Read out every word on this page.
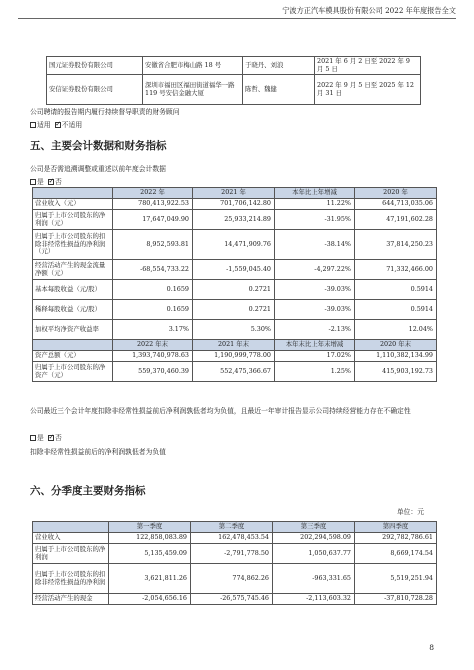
宁波方正汽车模具股份有限公司 2022 年年度报告全文
国元证券股份有限公司	安徽省合肥市梅山路 18 号	于晓丹、刘浪	2021 年 6 月 2 日至 2022 年 9 月 5 日
安信证券股份有限公司	深圳市福田区福田街道福华一路 119 号安信金融大厦	陈哲、魏健	2022 年 9 月 5 日至 2025 年 12 月 31 日
公司聘请的报告期内履行持续督导职责的财务顾问
适用 ✓ 不适用
五、主要会计数据和财务指标
公司是否需追溯调整或重述以前年度会计数据
是 ✓ 否
	2022 年	2021 年	本年比上年增减	2020 年
营业收入（元）	780,413,922.53	701,706,142.80	11.22%	644,713,035.06
归属于上市公司股东的净利润（元）	17,647,049.90	25,933,214.89	-31.95%	47,191,602.28
归属于上市公司股东的扣除非经常性损益的净利润（元）	8,952,593.81	14,471,909.76	-38.14%	37,814,250.23
经营活动产生的现金流量净额（元）	-68,554,733.22	-1,559,045.40	-4,297.22%	71,332,466.00
基本每股收益（元/股）	0.1659	0.2721	-39.03%	0.5914
稀释每股收益（元/股）	0.1659	0.2721	-39.03%	0.5914
加权平均净资产收益率	3.17%	5.30%	-2.13%	12.04%
	2022 年末	2021 年末	本年末比上年末增减	2020 年末
资产总额（元）	1,393,740,978.63	1,190,999,778.00	17.02%	1,110,382,134.99
归属于上市公司股东的净资产（元）	559,370,460.39	552,475,366.67	1.25%	415,903,192.73
公司最近三个会计年度扣除非经常性损益前后净利润孰低者均为负值，且最近一年审计报告显示公司持续经营能力存在不确定性
是 ✓ 否
扣除非经常性损益前后的净利润孰低者为负值
六、分季度主要财务指标
单位：元
	第一季度	第二季度	第三季度	第四季度
营业收入	122,858,083.89	162,478,453.54	202,294,598.09	292,782,786.61
归属于上市公司股东的净利润	5,135,459.09	-2,791,778.50	1,050,637.77	8,669,174.54
归属于上市公司股东的扣除非经常性损益的净利润	3,621,811.26	774,862.26	-963,331.65	5,519,251.94
经营活动产生的现金	-2,054,656.16	-26,575,745.46	-2,113,603.32	-37,810,728.28
8
